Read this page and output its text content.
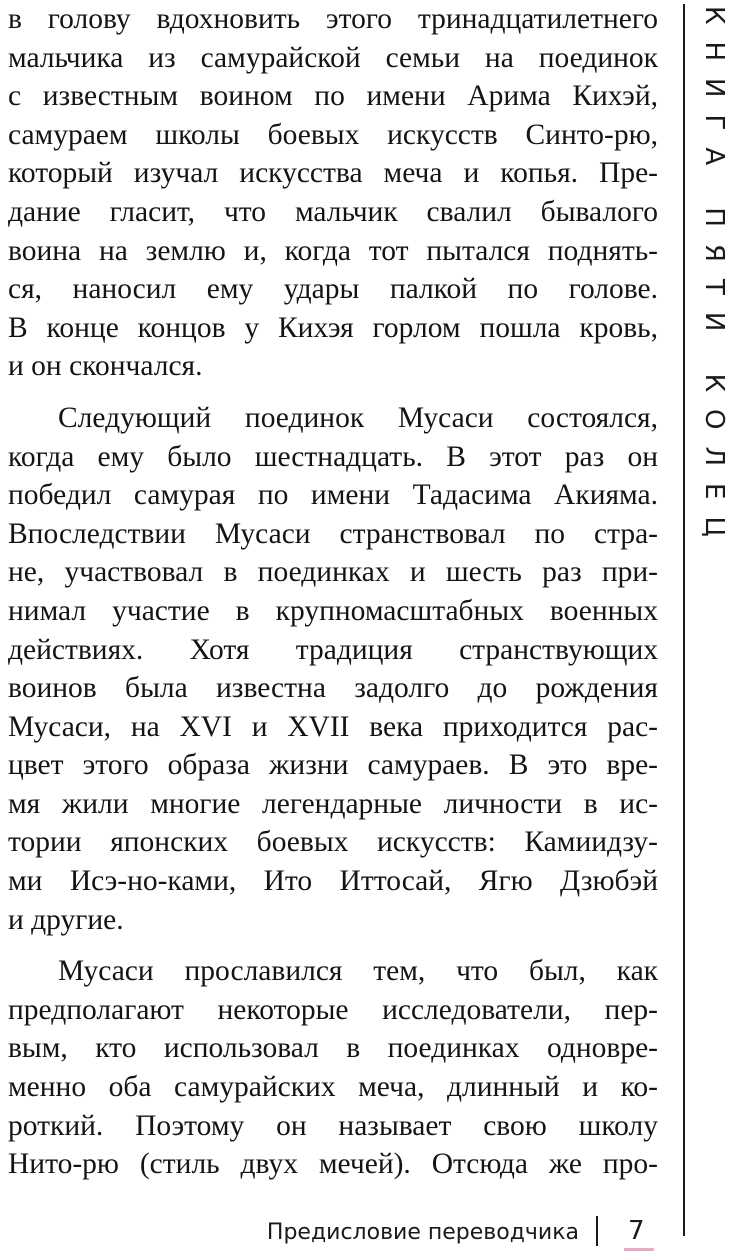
в голову вдохновить этого тринадцатилетнего
мальчика из самурайской семьи на поединок
с известным воином по имени Арима Кихэй,
самураем школы боевых искусств Синто-рю,
который изучал искусства меча и копья. Пре-
дание гласит, что мальчик свалил бывалого
воина на землю и, когда тот пытался поднять-
ся, наносил ему удары палкой по голове.
В конце концов у Кихэя горлом пошла кровь,
и он скончался.
Следующий поединок Мусаси состоялся,
когда ему было шестнадцать. В этот раз он
победил самурая по имени Тадасима Акияма.
Впоследствии Мусаси странствовал по стра-
не, участвовал в поединках и шесть раз при-
нимал участие в крупномасштабных военных
действиях. Хотя традиция странствующих
воинов была известна задолго до рождения
Мусаси, на XVI и XVII века приходится рас-
цвет этого образа жизни самураев. В это вре-
мя жили многие легендарные личности в ис-
тории японских боевых искусств: Камиидзу-
ми Исэ-но-ками, Ито Иттосай, Ягю Дзюбэй
и другие.
Мусаси прославился тем, что был, как
предполагают некоторые исследователи, пер-
вым, кто использовал в поединках одновре-
менно оба самурайских меча, длинный и ко-
роткий. Поэтому он называет свою школу
Нито-рю (стиль двух мечей). Отсюда же про-
КНИГА ПЯТИ КОЛЕЦ
Предисловие переводчика 7
